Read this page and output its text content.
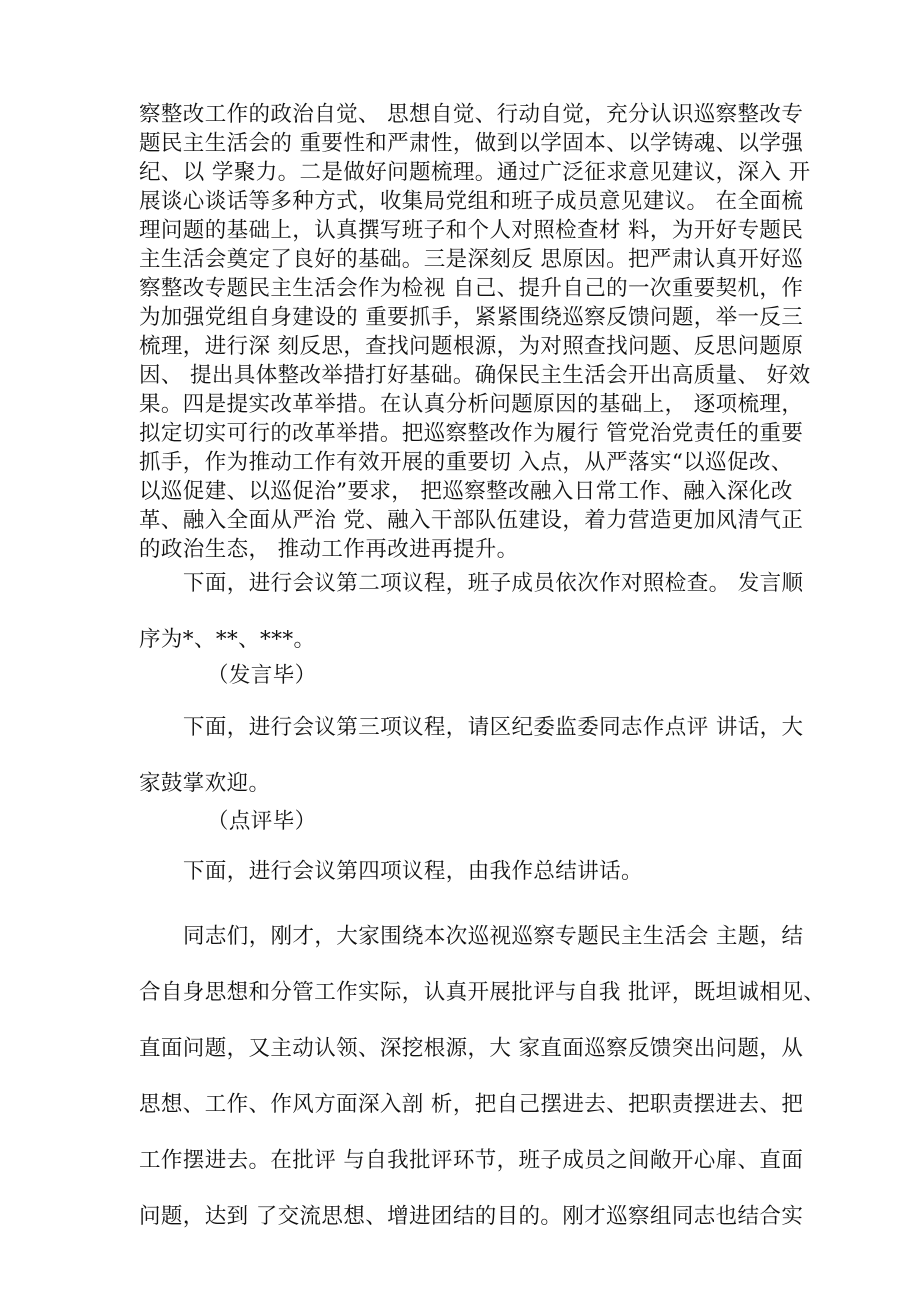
察整改工作的政治自觉、 思想自觉、行动自觉，充分认识巡察整改专
题民主生活会的 重要性和严肃性，做到以学固本、以学铸魂、以学强
纪、以 学聚力。二是做好问题梳理。通过广泛征求意见建议，深入 开
展谈心谈话等多种方式，收集局党组和班子成员意见建议。 在全面梳
理问题的基础上，认真撰写班子和个人对照检查材 料，为开好专题民
主生活会奠定了良好的基础。三是深刻反 思原因。把严肃认真开好巡
察整改专题民主生活会作为检视 自己、提升自己的一次重要契机，作
为加强党组自身建设的 重要抓手，紧紧围绕巡察反馈问题，举一反三
梳理，进行深 刻反思，查找问题根源，为对照查找问题、反思问题原
因、 提出具体整改举措打好基础。确保民主生活会开出高质量、 好效
果。四是提实改革举措。在认真分析问题原因的基础上， 逐项梳理，
拟定切实可行的改革举措。把巡察整改作为履行 管党治党责任的重要
抓手，作为推动工作有效开展的重要切 入点，从严落实“以巡促改、
以巡促建、以巡促治”要求， 把巡察整改融入日常工作、融入深化改
革、融入全面从严治 党、融入干部队伍建设，着力营造更加风清气正
的政治生态， 推动工作再改进再提升。
下面，进行会议第二项议程，班子成员依次作对照检查。 发言顺
序为*、**、***。
（发言毕）
下面，进行会议第三项议程，请区纪委监委同志作点评 讲话，大
家鼓掌欢迎。
（点评毕）
下面，进行会议第四项议程，由我作总结讲话。
同志们，刚才，大家围绕本次巡视巡察专题民主生活会 主题，结
合自身思想和分管工作实际，认真开展批评与自我 批评，既坦诚相见、
直面问题，又主动认领、深挖根源，大 家直面巡察反馈突出问题，从
思想、工作、作风方面深入剖 析，把自己摆进去、把职责摆进去、把
工作摆进去。在批评 与自我批评环节，班子成员之间敞开心扉、直面
问题，达到 了交流思想、增进团结的目的。刚才巡察组同志也结合实
